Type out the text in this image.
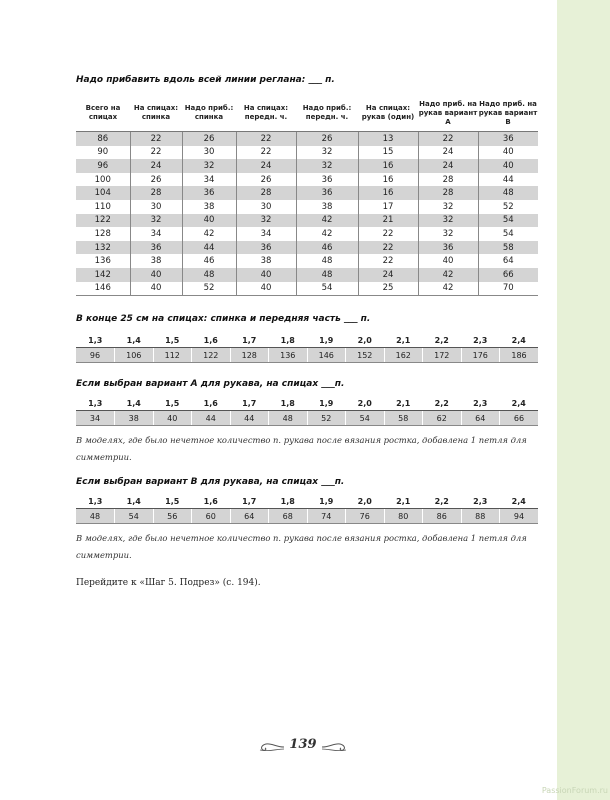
PassionForum.ru
Надо прибавить вдоль всей линии реглана: ___ п.
Всего на спицах	На спицах: спинка	Надо приб.: спинка	На спицах: передн. ч.	Надо приб.: передн. ч.	На спицах: рукав (один)	Надо приб. на рукав вариант А	Надо приб. на рукав вариант В
86	22	26	22	26	13	22	36
90	22	30	22	32	15	24	40
96	24	32	24	32	16	24	40
100	26	34	26	36	16	28	44
104	28	36	28	36	16	28	48
110	30	38	30	38	17	32	52
122	32	40	32	42	21	32	54
128	34	42	34	42	22	32	54
132	36	44	36	46	22	36	58
136	38	46	38	48	22	40	64
142	40	48	40	48	24	42	66
146	40	52	40	54	25	42	70
В конце 25 см на спицах: спинка и передняя часть ___ п.
1,3	1,4	1,5	1,6	1,7	1,8	1,9	2,0	2,1	2,2	2,3	2,4
96	106	112	122	128	136	146	152	162	172	176	186
Если выбран вариант А для рукава, на спицах ___п.
1,3	1,4	1,5	1,6	1,7	1,8	1,9	2,0	2,1	2,2	2,3	2,4
34	38	40	44	44	48	52	54	58	62	64	66
В моделях, где было нечетное количество п. рукава после вязания ростка, добавлена 1 петля для симметрии.
Если выбран вариант В для рукава, на спицах ___п.
1,3	1,4	1,5	1,6	1,7	1,8	1,9	2,0	2,1	2,2	2,3	2,4
48	54	56	60	64	68	74	76	80	86	88	94
В моделях, где было нечетное количество п. рукава после вязания ростка, добавлена 1 петля для симметрии.
Перейдите к «Шаг 5. Подрез» (с. 194).
139
